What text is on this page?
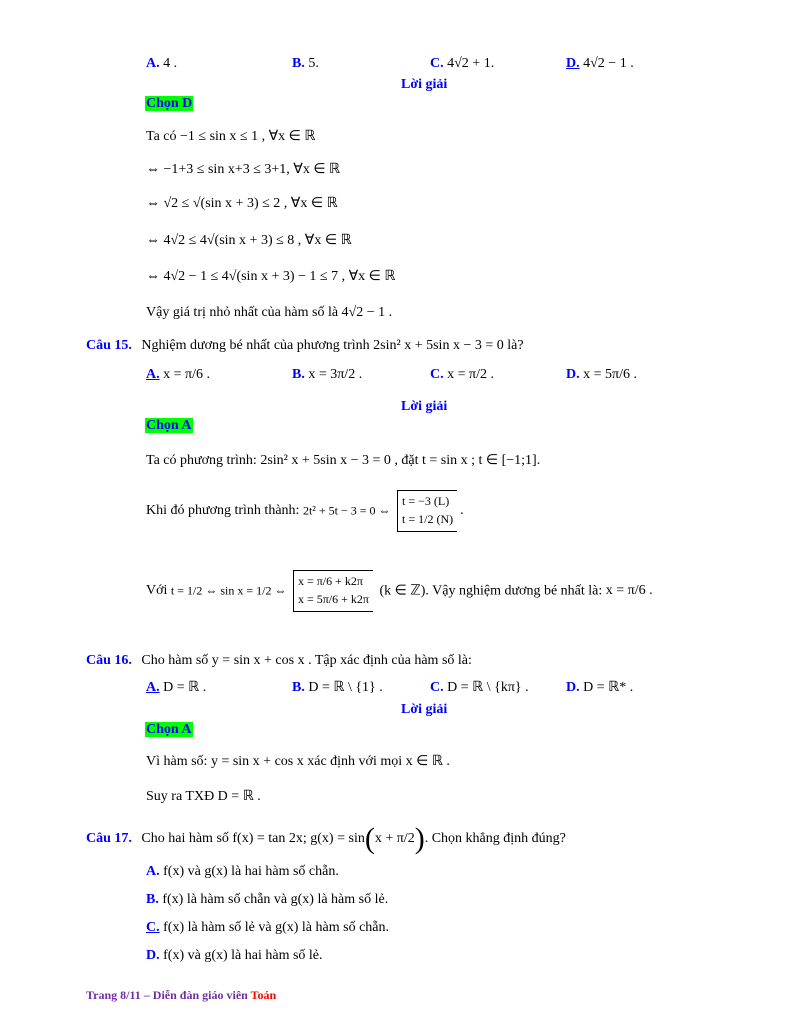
A. 4 .	B. 5.	C. 4√2 + 1.	D. 4√2 − 1 .
Lời giải
Chọn D
Ta có −1 ≤ sin x ≤ 1 , ∀x ∈ ℝ
⇔ −1+3 ≤ sin x+3 ≤ 3+1, ∀x ∈ ℝ
⇔ √2 ≤ √(sin x + 3) ≤ 2 , ∀x ∈ ℝ
⇔ 4√2 ≤ 4√(sin x + 3) ≤ 8 , ∀x ∈ ℝ
⇔ 4√2 − 1 ≤ 4√(sin x + 3) − 1 ≤ 7 , ∀x ∈ ℝ
Vậy giá trị nhỏ nhất của hàm số là 4√2 − 1 .
Câu 15. Nghiệm dương bé nhất của phương trình 2sin² x + 5sin x − 3 = 0 là?
A. x = π/6 .	B. x = 3π/2 .	C. x = π/2 .	D. x = 5π/6 .
Lời giải
Chọn A
Ta có phương trình: 2sin² x + 5sin x − 3 = 0 , đặt t = sin x ; t ∈ [−1;1].
Khi đó phương trình thành: 2t² + 5t − 3 = 0 ⇔
t = −3 (L)
t = 1/2 (N)
.
Với t = 1/2 ⇔ sin x = 1/2 ⇔
x = π/6 + k2π
x = 5π/6 + k2π
(k ∈ ℤ). Vậy nghiệm dương bé nhất là: x = π/6 .
Câu 16. Cho hàm số y = sin x + cos x . Tập xác định của hàm số là:
A. D = ℝ .	B. D = ℝ \ {1} .	C. D = ℝ \ {kπ} .	D. D = ℝ* .
Lời giải
Chọn A
Vì hàm số: y = sin x + cos x xác định với mọi x ∈ ℝ .
Suy ra TXĐ D = ℝ .
Câu 17. Cho hai hàm số f(x) = tan 2x; g(x) = sin(x + π/2). Chọn khẳng định đúng?
A. f(x) và g(x) là hai hàm số chẵn.
B. f(x) là hàm số chẵn và g(x) là hàm số lẻ.
C. f(x) là hàm số lẻ và g(x) là hàm số chẵn.
D. f(x) và g(x) là hai hàm số lẻ.
Trang 8/11 – Diễn đàn giáo viên Toán
